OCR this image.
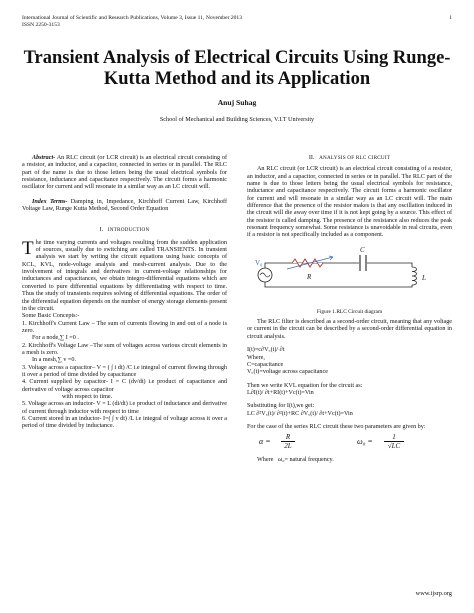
International Journal of Scientific and Research Publications, Volume 3, Issue 11, November 2013
ISSN 2250-3153
1
Transient Analysis of Electrical Circuits Using Runge-Kutta Method and its Application
Anuj Suhag
School of Mechanical and Building Sciences, V.I.T University

Abstract- An RLC circuit (or LCR circuit) is an electrical circuit consisting of a resistor, an inductor, and a capacitor, connected in series or in parallel. The RLC part of the name is due to those letters being the usual electrical symbols for resistance, inductance and capacitance respectively. The circuit forms a harmonic oscillator for current and will resonate in a similar way as an LC circuit will.

Index Terms- Damping in, Impedance, Kirchhoff Current Law, Kirchhoff Voltage Law, Runge Kutta Method, Second Order Equation

I. INTRODUCTION

The time varying currents and voltages resulting from the sudden application of sources, usually due to switching are called TRANSIENTS. In transient analysis we start by writing the circuit equations using basic concepts of KCL, KVL, node-voltage analysis and mesh-current analysis. Due to the involvement of integrals and derivatives in current-voltage relationships for inductances and capacitances, we obtain integro-differential equations which are converted to pure differential equations by differentiating with respect to time. Thus the study of transients requires solving of differential equations. The order of the differential equation depends on the number of energy storage elements present in the circuit.

Some Basic Concepts:-

1. Kirchhoff's Current Law – The sum of currents flowing in and out of a node is zero.

For a node,∑ I =0 .

2. Kirchhoff's Voltage Law –The sum of voltages across various circuit elements in a mesh is zero.

In a mesh,∑ v =0.

3. Voltage across a capacitor– V = ( ∫ i dt) /C i.e integral of current flowing through it over a period of time divided by capacitance

4. Current supplied by capacitor- I = C (dv/dt) i.e product of capacitance and derivative of voltage across capacitor

with respect to time.

5. Voltage across an inductor- V = L (di/dt) i.e product of inductance and derivative of current through inductor with respect to time

6. Current stored in an inductor- I=( ∫ v dt) /L i.e integral of voltage across it over a period of time divided by inductance.

II. ANALYSIS OF RLC CIRCUIT

An RLC circuit (or LCR circuit) is an electrical circuit consisting of a resistor, an inductor, and a capacitor, connected in series or in parallel. The RLC part of the name is due to those letters being the usual electrical symbols for resistance, inductance and capacitance respectively. The circuit forms a harmonic oscillator for current and will resonate in a similar way as an LC circuit will. The main difference that the presence of the resistor makes is that any oscillation induced in the circuit will die away over time if it is not kept going by a source. This effect of the resistor is called damping. The presence of the resistance also reduces the peak resonant frequency somewhat. Some resistance is unavoidable in real circuits, even if a resistor is not specifically included as a component.

V₀
R
C
L

Figure 1.RLC Circuit diagram

The RLC filter is described as a second-order circuit, meaning that any voltage or current in the circuit can be described by a second-order differential equation in circuit analysis.

I(t)=c∂V꜀(t)/ ∂t

Where,

C=capacitance

V꜀(t)=voltage across capacitance

Then we write KVL equation for the circuit as:

L∂I(t)/ ∂t+RI(t)+Vc(t)=Vin

Substituting for I(t),we get:

LC ∂²V꜀(t)/ ∂²(t)+RC ∂V꜀(t)/ ∂t+Vc(t)=Vin

For the case of the series RLC circuit these two parameters are given by:

α =	R
2L	ω₀ =	1
√LC

Where ω₀= natural frequency.

www.ijsrp.org
